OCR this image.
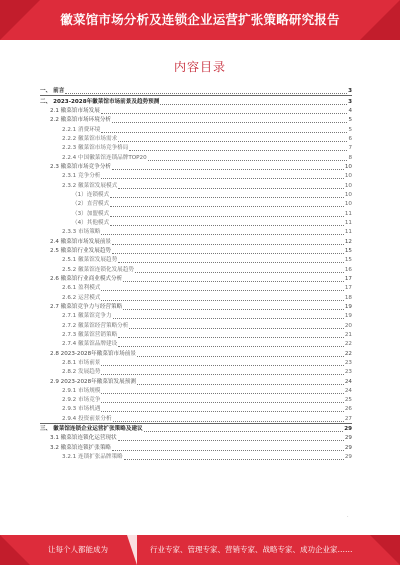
徽菜馆市场分析及连锁企业运营扩张策略研究报告
内容目录
一、 前言	3
二、 2023-2028年徽菜馆市场前景及趋势预测	3
2.1 徽菜馆市场发展	4
2.2 徽菜馆市场环境分析	5
2.2.1 消费环境	5
2.2.2 徽菜馆市场需求	6
2.2.3 徽菜馆市场竞争格局	7
2.2.4 中国徽菜馆连锁品牌TOP20	8
2.3 徽菜馆市场竞争分析	10
2.3.1 竞争分析	10
2.3.2 徽菜馆发展模式	10
（1）连锁模式	10
（2）直营模式	10
（3）加盟模式	11
（4）其他模式	11
2.3.3 市场策略	11
2.4 徽菜馆市场发展前景	12
2.5 徽菜馆行业发展趋势	15
2.5.1 徽菜馆发展趋势	15
2.5.2 徽菜馆连锁化发展趋势	16
2.6 徽菜馆行业商业模式分析	17
2.6.1 盈利模式	17
2.6.2 运营模式	18
2.7 徽菜馆竞争力与经营策略	19
2.7.1 徽菜馆竞争力	19
2.7.2 徽菜馆经营策略分析	20
2.7.3 徽菜馆营销策略	21
2.7.4 徽菜馆品牌建设	22
2.8 2023-2028年徽菜馆市场前景	22
2.8.1 市场前景	23
2.8.2 发展趋势	23
2.9 2023-2028年徽菜馆发展预测	24
2.9.1 市场规模	24
2.9.2 市场竞争	25
2.9.3 市场机遇	26
2.9.4 投资前景分析	27
三、 徽菜馆连锁企业运营扩张策略及建议	29
3.1 徽菜馆连锁化运营现状	29
3.2 徽菜馆连锁扩张策略	29
3.2.1 连锁扩张品牌策略	29
·
让每个人都能成为	行业专家、管理专家、营销专家、战略专家、成功企业家……
